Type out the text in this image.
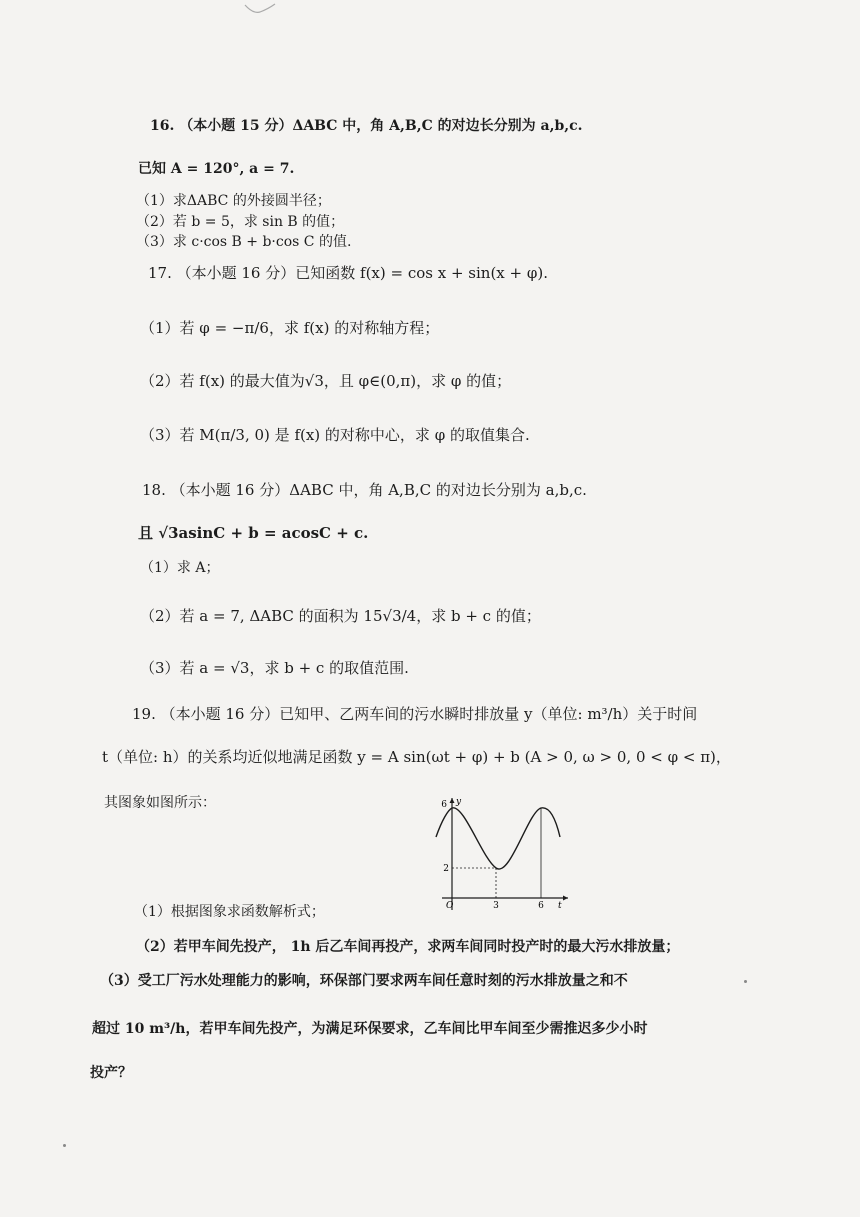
16. （本小题 15 分）ΔABC 中，角 A,B,C 的对边长分别为 a,b,c.
已知 A = 120°, a = 7.
（1）求ΔABC 的外接圆半径；
（2）若 b = 5，求 sin B 的值；
（3）求 c·cos B + b·cos C 的值.
17. （本小题 16 分）已知函数 f(x) = cos x + sin(x + φ).
（1）若 φ = −π/6，求 f(x) 的对称轴方程；
（2）若 f(x) 的最大值为√3，且 φ∈(0,π)，求 φ 的值；
（3）若 M(π/3, 0) 是 f(x) 的对称中心，求 φ 的取值集合.
18. （本小题 16 分）ΔABC 中，角 A,B,C 的对边长分别为 a,b,c.
且 √3asinC + b = acosC + c.
（1）求 A；
（2）若 a = 7, ΔABC 的面积为 15√3/4，求 b + c 的值；
（3）若 a = √3，求 b + c 的取值范围.
19. （本小题 16 分）已知甲、乙两车间的污水瞬时排放量 y（单位: m³/h）关于时间
t（单位: h）的关系均近似地满足函数 y = A sin(ωt + φ) + b (A > 0, ω > 0, 0 < φ < π)，
其图象如图所示：	6
2
y
O	3	6 t
（1）根据图象求函数解析式；
（2）若甲车间先投产， 1h 后乙车间再投产，求两车间同时投产时的最大污水排放量；
（3）受工厂污水处理能力的影响，环保部门要求两车间任意时刻的污水排放量之和不
超过 10 m³/h，若甲车间先投产，为满足环保要求，乙车间比甲车间至少需推迟多少小时
投产？
